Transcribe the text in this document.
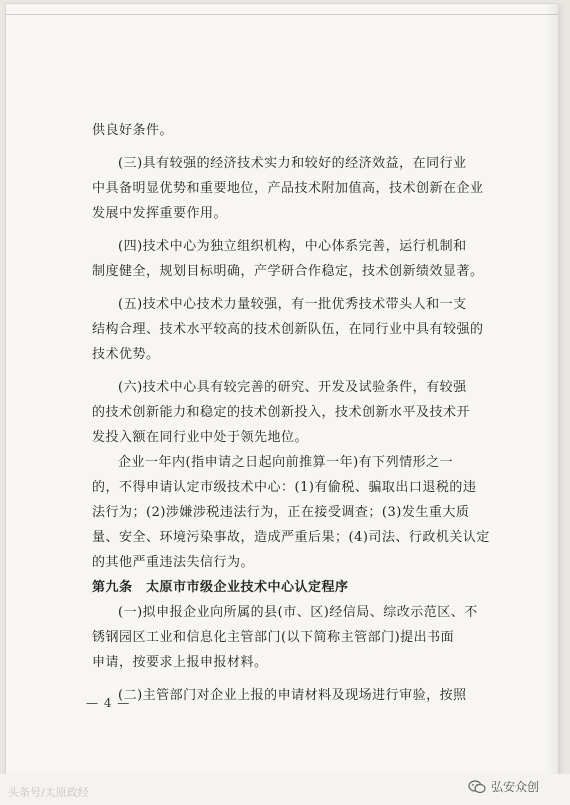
供良好条件。
(三)具有较强的经济技术实力和较好的经济效益，在同行业
中具备明显优势和重要地位，产品技术附加值高，技术创新在企业
发展中发挥重要作用。
(四)技术中心为独立组织机构，中心体系完善，运行机制和
制度健全，规划目标明确，产学研合作稳定，技术创新绩效显著。
(五)技术中心技术力量较强，有一批优秀技术带头人和一支
结构合理、技术水平较高的技术创新队伍，在同行业中具有较强的
技术优势。
(六)技术中心具有较完善的研究、开发及试验条件，有较强
的技术创新能力和稳定的技术创新投入，技术创新水平及技术开
发投入额在同行业中处于领先地位。
企业一年内(指申请之日起向前推算一年)有下列情形之一
的，不得申请认定市级技术中心：(1)有偷税、骗取出口退税的违
法行为；(2)涉嫌涉税违法行为，正在接受调查；(3)发生重大质
量、安全、环境污染事故，造成严重后果；(4)司法、行政机关认定
的其他严重违法失信行为。
第九条　太原市市级企业技术中心认定程序
(一)拟申报企业向所属的县(市、区)经信局、综改示范区、不
锈钢园区工业和信息化主管部门(以下简称主管部门)提出书面
申请，按要求上报申报材料。
(二)主管部门对企业上报的申请材料及现场进行审验，按照
— 4 —
头条号/太原政经	弘安众创
